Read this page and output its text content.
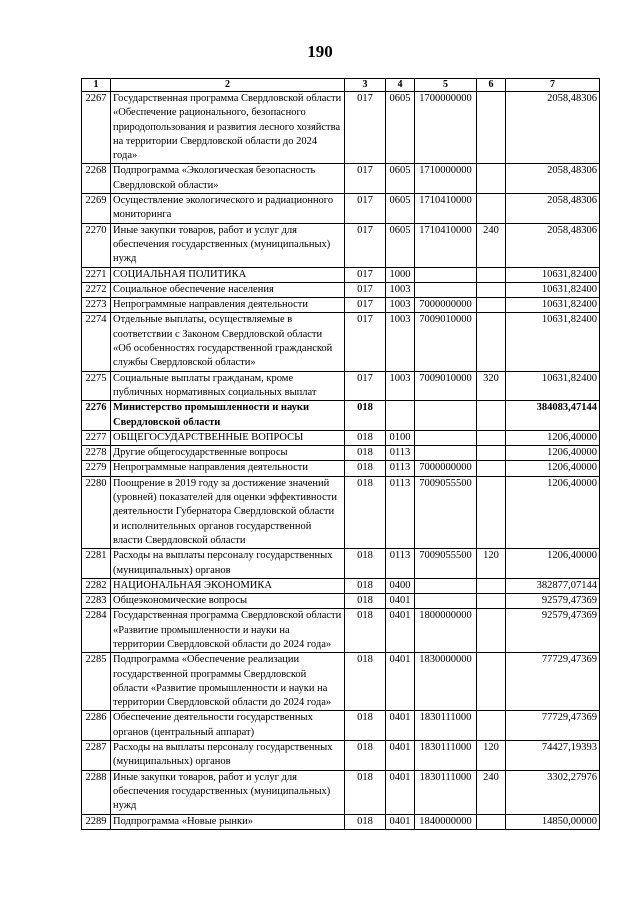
190
1	2	3	4	5	6	7
2267	Государственная программа Свердловской области «Обеспечение рационального, безопасного природопользования и развития лесного хозяйства на территории Свердловской области до 2024 года»	017	0605	1700000000		2058,48306
2268	Подпрограмма «Экологическая безопасность Свердловской области»	017	0605	1710000000		2058,48306
2269	Осуществление экологического и радиационного мониторинга	017	0605	1710410000		2058,48306
2270	Иные закупки товаров, работ и услуг для обеспечения государственных (муниципальных) нужд	017	0605	1710410000	240	2058,48306
2271	СОЦИАЛЬНАЯ ПОЛИТИКА	017	1000			10631,82400
2272	Социальное обеспечение населения	017	1003			10631,82400
2273	Непрограммные направления деятельности	017	1003	7000000000		10631,82400
2274	Отдельные выплаты, осуществляемые в соответствии с Законом Свердловской области «Об особенностях государственной гражданской службы Свердловской области»	017	1003	7009010000		10631,82400
2275	Социальные выплаты гражданам, кроме публичных нормативных социальных выплат	017	1003	7009010000	320	10631,82400
2276	Министерство промышленности и науки Свердловской области	018				384083,47144
2277	ОБЩЕГОСУДАРСТВЕННЫЕ ВОПРОСЫ	018	0100			1206,40000
2278	Другие общегосударственные вопросы	018	0113			1206,40000
2279	Непрограммные направления деятельности	018	0113	7000000000		1206,40000
2280	Поощрение в 2019 году за достижение значений (уровней) показателей для оценки эффективности деятельности Губернатора Свердловской области и исполнительных органов государственной власти Свердловской области	018	0113	7009055500		1206,40000
2281	Расходы на выплаты персоналу государственных (муниципальных) органов	018	0113	7009055500	120	1206,40000
2282	НАЦИОНАЛЬНАЯ ЭКОНОМИКА	018	0400			382877,07144
2283	Общеэкономические вопросы	018	0401			92579,47369
2284	Государственная программа Свердловской области «Развитие промышленности и науки на территории Свердловской области до 2024 года»	018	0401	1800000000		92579,47369
2285	Подпрограмма «Обеспечение реализации государственной программы Свердловской области «Развитие промышленности и науки на территории Свердловской области до 2024 года»	018	0401	1830000000		77729,47369
2286	Обеспечение деятельности государственных органов (центральный аппарат)	018	0401	1830111000		77729,47369
2287	Расходы на выплаты персоналу государственных (муниципальных) органов	018	0401	1830111000	120	74427,19393
2288	Иные закупки товаров, работ и услуг для обеспечения государственных (муниципальных) нужд	018	0401	1830111000	240	3302,27976
2289	Подпрограмма «Новые рынки»	018	0401	1840000000		14850,00000
